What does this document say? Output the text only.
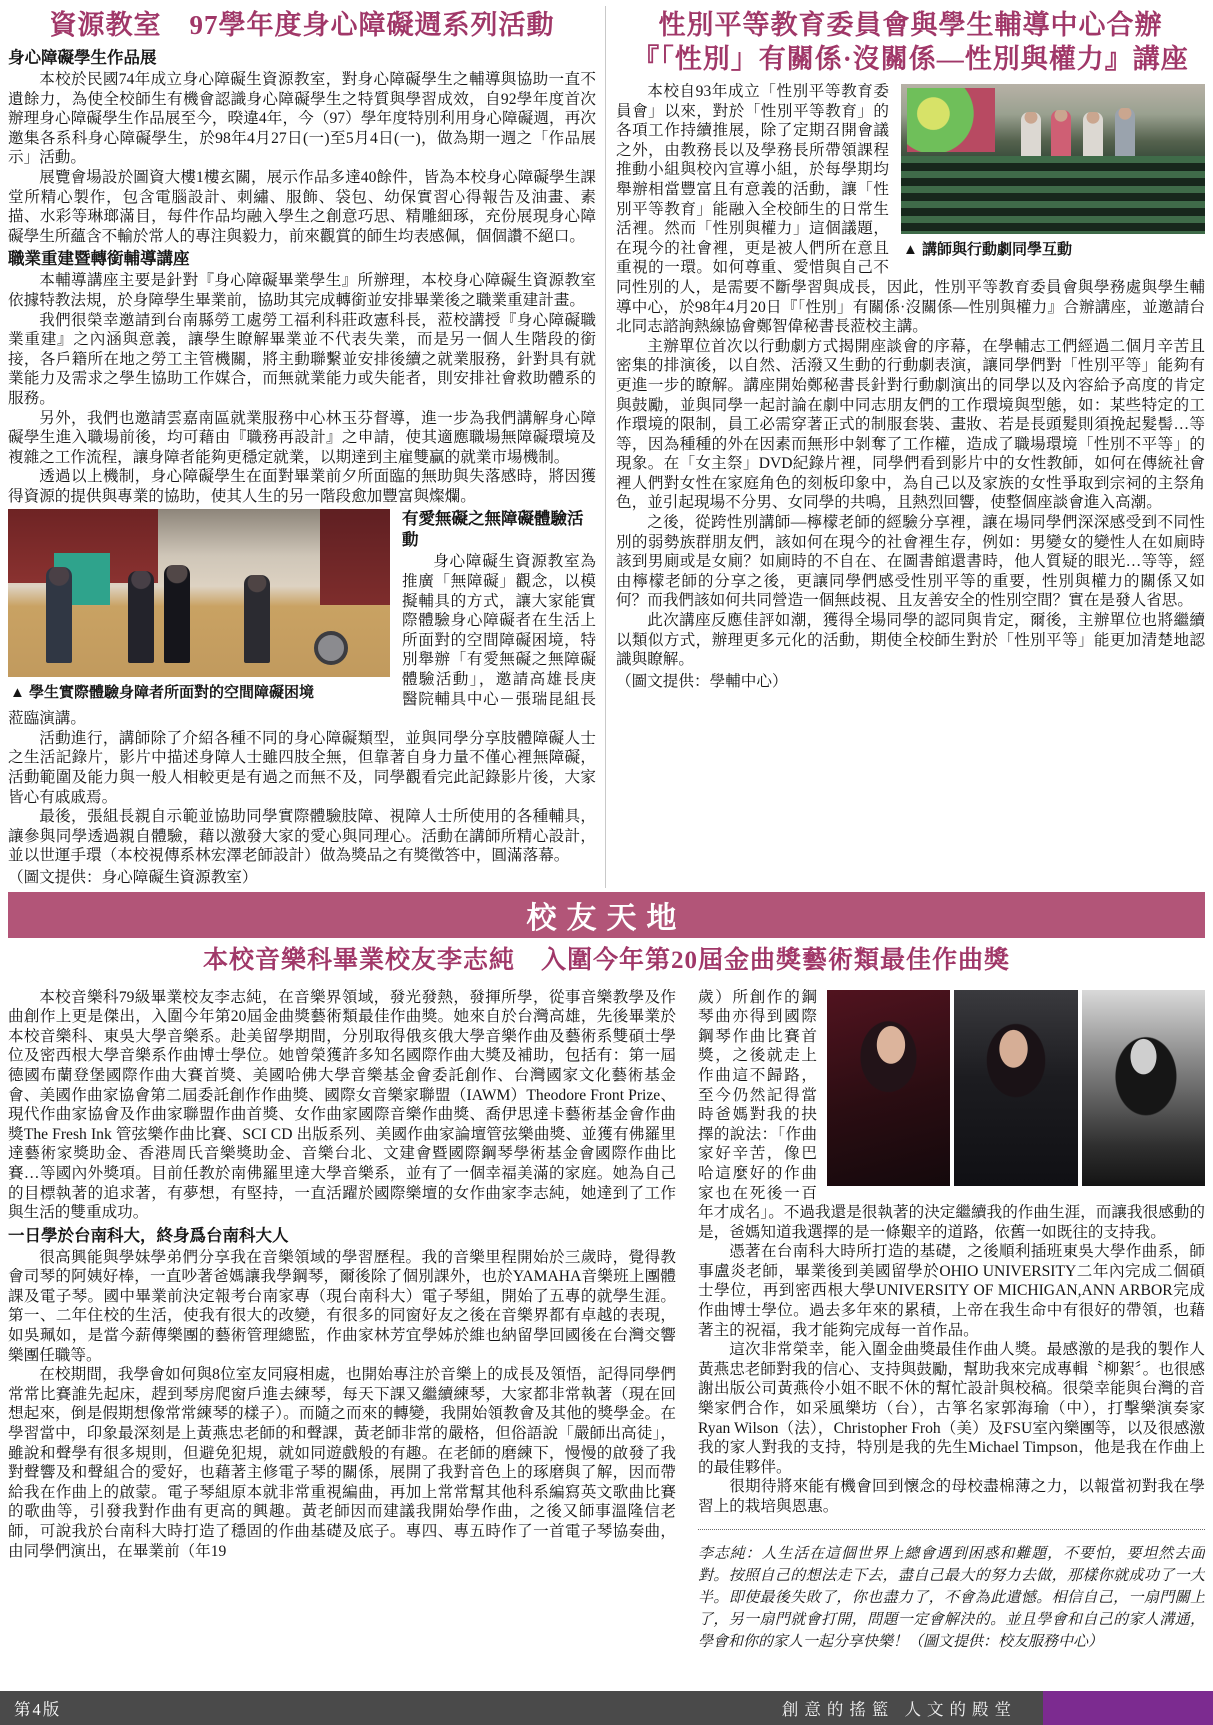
資源教室　97學年度身心障礙週系列活動
身心障礙學生作品展

本校於民國74年成立身心障礙生資源教室，對身心障礙學生之輔導與協助一直不遺餘力，為使全校師生有機會認識身心障礙學生之特質與學習成效，自92學年度首次辦理身心障礙學生作品展至今，暌違4年，今（97）學年度特別利用身心障礙週，再次邀集各系科身心障礙學生，於98年4月27日(一)至5月4日(一)，做為期一週之「作品展示」活動。

展覽會場設於圖資大樓1樓玄關，展示作品多達40餘件，皆為本校身心障礙學生課堂所精心製作，包含電腦設計、刺繡、服飾、袋包、幼保實習心得報告及油畫、素描、水彩等琳瑯滿目，每件作品均融入學生之創意巧思、精雕細琢，充份展現身心障礙學生所蘊含不輸於常人的專注與毅力，前來觀賞的師生均表感佩，個個讚不絕口。

職業重建暨轉銜輔導講座

本輔導講座主要是針對『身心障礙畢業學生』所辦理，本校身心障礙生資源教室依據特教法規，於身障學生畢業前，協助其完成轉銜並安排畢業後之職業重建計畫。

我們很榮幸邀請到台南縣勞工處勞工福利科莊政憲科長，蒞校講授『身心障礙職業重建』之內涵與意義，讓學生瞭解畢業並不代表失業，而是另一個人生階段的銜接，各戶籍所在地之勞工主管機關，將主動聯繫並安排後續之就業服務，針對具有就業能力及需求之學生協助工作媒合，而無就業能力或失能者，則安排社會救助體系的服務。

另外，我們也邀請雲嘉南區就業服務中心林玉芬督導，進一步為我們講解身心障礙學生進入職場前後，均可藉由『職務再設計』之申請，使其適應職場無障礙環境及複雜之工作流程，讓身障者能夠更穩定就業，以期達到主雇雙贏的就業市場機制。

透過以上機制，身心障礙學生在面對畢業前夕所面臨的無助與失落感時，將因獲得資源的提供與專業的協助，使其人生的另一階段愈加豐富與燦爛。

▲ 學生實際體驗身障者所面對的空間障礙困境
有愛無礙之無障礙體驗活動

身心障礙生資源教室為推廣「無障礙」觀念，以模擬輔具的方式，讓大家能實際體驗身心障礙者在生活上所面對的空間障礙困境，特別舉辦「有愛無礙之無障礙體驗活動」，邀請高雄長庚醫院輔具中心－張瑞昆組長蒞臨演講。

活動進行，講師除了介紹各種不同的身心障礙類型，並與同學分享肢體障礙人士之生活記錄片，影片中描述身障人士雖四肢全無，但靠著自身力量不僅心裡無障礙，活動範圍及能力與一般人相較更是有過之而無不及，同學觀看完此記錄影片後，大家皆心有戚戚焉。

最後，張組長親自示範並協助同學實際體驗肢障、視障人士所使用的各種輔具，讓參與同學透過親自體驗，藉以激發大家的愛心與同理心。活動在講師所精心設計，並以世運手環（本校視傳系林宏澤老師設計）做為獎品之有獎徵答中，圓滿落幕。

（圖文提供：身心障礙生資源教室）

性別平等教育委員會與學生輔導中心合辦
『「性別」有關係·沒關係—性別與權力』講座
▲ 講師與行動劇同學互動

本校自93年成立「性別平等教育委員會」以來，對於「性別平等教育」的各項工作持續推展，除了定期召開會議之外，由教務長以及學務長所帶領課程推動小組與校內宣導小組，於每學期均舉辦相當豐富且有意義的活動，讓「性別平等教育」能融入全校師生的日常生活裡。然而「性別與權力」這個議題，在現今的社會裡，更是被人們所在意且重視的一環。如何尊重、愛惜與自己不同性別的人，是需要不斷學習與成長，因此，性別平等教育委員會與學務處與學生輔導中心，於98年4月20日『「性別」有關係·沒關係—性別與權力』合辦講座，並邀請台北同志諮詢熱線協會鄭智偉秘書長蒞校主講。

主辦單位首次以行動劇方式揭開座談會的序幕，在學輔志工們經過二個月辛苦且密集的排演後，以自然、活潑又生動的行動劇表演，讓同學們對「性別平等」能夠有更進一步的瞭解。講座開始鄭秘書長針對行動劇演出的同學以及內容給予高度的肯定與鼓勵，並與同學一起討論在劇中同志朋友們的工作環境與型態，如：某些特定的工作環境的限制，員工必需穿著正式的制服套裝、畫妝、若是長頭髮則須挽起髮髻…等等，因為種種的外在因素而無形中剝奪了工作權，造成了職場環境「性別不平等」的現象。在「女主祭」DVD紀錄片裡，同學們看到影片中的女性教師，如何在傳統社會裡人們對女性在家庭角色的刻板印象中，為自己以及家族的女性爭取到宗祠的主祭角色，並引起現場不分男、女同學的共鳴，且熱烈回響，使整個座談會進入高潮。

之後，從跨性別講師—檸檬老師的經驗分享裡，讓在場同學們深深感受到不同性別的弱勢族群朋友們，該如何在現今的社會裡生存，例如：男變女的變性人在如廁時該到男廁或是女廁？如廁時的不自在、在圖書館還書時，他人質疑的眼光…等等，經由檸檬老師的分享之後，更讓同學們感受性別平等的重要，性別與權力的關係又如何？而我們該如何共同營造一個無歧視、且友善安全的性別空間？實在是發人省思。

此次講座反應佳評如潮，獲得全場同學的認同與肯定，爾後，主辦單位也將繼續以類似方式，辦理更多元化的活動，期使全校師生對於「性別平等」能更加清楚地認識與瞭解。

（圖文提供：學輔中心）

校友天地
本校音樂科畢業校友李志純　入圍今年第20屆金曲獎藝術類最佳作曲獎

本校音樂科79級畢業校友李志純，在音樂界領域，發光發熱，發揮所學，從事音樂教學及作曲創作上更是傑出，入圍今年第20屆金曲獎藝術類最佳作曲獎。她來自於台灣高雄，先後畢業於本校音樂科、東吳大學音樂系。赴美留學期間，分別取得俄亥俄大學音樂作曲及藝術系雙碩士學位及密西根大學音樂系作曲博士學位。她曾榮獲許多知名國際作曲大獎及補助，包括有：第一屆德國布蘭登堡國際作曲大賽首獎、美國哈佛大學音樂基金會委託創作、台灣國家文化藝術基金會、美國作曲家協會第二屆委託創作作曲獎、國際女音樂家聯盟（IAWM）Theodore Front Prize、現代作曲家協會及作曲家聯盟作曲首獎、女作曲家國際音樂作曲獎、喬伊思達卡藝術基金會作曲獎The Fresh Ink 管弦樂作曲比賽、SCI CD 出版系列、美國作曲家論壇管弦樂曲獎、並獲有佛羅里達藝術家獎助金、香港周氏音樂獎助金、音樂台北、文建會暨國際鋼琴學術基金會國際作曲比賽…等國內外獎項。目前任教於南佛羅里達大學音樂系，並有了一個幸福美滿的家庭。她為自己的目標執著的追求著，有夢想，有堅持，一直活躍於國際樂壇的女作曲家李志純，她達到了工作與生活的雙重成功。

一日學於台南科大，終身爲台南科大人

很高興能與學妹學弟們分享我在音樂領域的學習歷程。我的音樂里程開始於三歲時，覺得教會司琴的阿姨好棒，一直吵著爸媽讓我學鋼琴，爾後除了個別課外，也於YAMAHA音樂班上團體課及電子琴。國中畢業前決定報考台南家專（現台南科大）電子琴組，開始了五專的就學生涯。第一、二年住校的生活，使我有很大的改變，有很多的同窗好友之後在音樂界都有卓越的表現，如吳珮如，是當今薪傳樂團的藝術管理總監，作曲家林芳宜學姊於維也納留學回國後在台灣交響樂團任職等。

在校期間，我學會如何與8位室友同寢相處，也開始專注於音樂上的成長及領悟，記得同學們常常比賽誰先起床，趕到琴房爬窗戶進去練琴，每天下課又繼續練琴，大家都非常執著（現在回想起來，倒是假期想像常常練琴的樣子）。而隨之而來的轉變，我開始領教會及其他的獎學金。在學習當中，印象最深刻是上黃燕忠老師的和聲課，黃老師非常的嚴格，但俗語說「嚴師出高徒」，雖說和聲學有很多規則，但避免犯規，就如同遊戲般的有趣。在老師的磨練下，慢慢的啟發了我對聲響及和聲組合的愛好，也藉著主修電子琴的關係，展開了我對音色上的琢磨與了解，因而帶給我在作曲上的啟蒙。電子琴組原本就非常重視編曲，再加上常常幫其他科系編寫英文歌曲比賽的歌曲等，引發我對作曲有更高的興趣。黃老師因而建議我開始學作曲，之後又師事溫隆信老師，可說我於台南科大時打造了穩固的作曲基礎及底子。專四、專五時作了一首電子琴協奏曲，由同學們演出，在畢業前（年19

歲）所創作的鋼琴曲亦得到國際鋼琴作曲比賽首獎，之後就走上作曲這不歸路，至今仍然記得當時爸媽對我的抉擇的說法：「作曲家好辛苦，像巴哈這麼好的作曲家也在死後一百年才成名」。不過我還是很執著的決定繼續我的作曲生涯，而讓我很感動的是，爸媽知道我選擇的是一條艱辛的道路，依舊一如既往的支持我。

憑著在台南科大時所打造的基礎，之後順利插班東吳大學作曲系，師事盧炎老師，畢業後到美國留學於OHIO UNIVERSITY二年內完成二個碩士學位，再到密西根大學UNIVERSITY OF MICHIGAN,ANN ARBOR完成作曲博士學位。過去多年來的累積，上帝在我生命中有很好的帶領，也藉著主的祝福，我才能夠完成每一首作品。

這次非常榮幸，能入圍金曲獎最佳作曲人獎。最感激的是我的製作人黃燕忠老師對我的信心、支持與鼓勵，幫助我來完成專輯〝柳絮〞。也很感謝出版公司黃燕伶小姐不眠不休的幫忙設計與校稿。很榮幸能與台灣的音樂家們合作，如采風樂坊（台），古箏名家郭海瑜（中），打擊樂演奏家Ryan Wilson（法），Christopher Froh（美）及FSU室內樂團等，以及很感激我的家人對我的支持，特別是我的先生Michael Timpson，他是我在作曲上的最佳夥伴。

很期待將來能有機會回到懷念的母校盡棉薄之力，以報當初對我在學習上的栽培與恩惠。

李志純：人生活在這個世界上總會遇到困惑和難題，不要怕，要坦然去面對。按照自己的想法走下去，盡自己最大的努力去做，那樣你就成功了一大半。即使最後失敗了，你也盡力了，不會為此遺憾。相信自己，一扇門關上了，另一扇門就會打開，問題一定會解決的。並且學會和自己的家人溝通，學會和你的家人一起分享快樂！（圖文提供：校友服務中心）
第4版	創意的搖籃 人文的殿堂
